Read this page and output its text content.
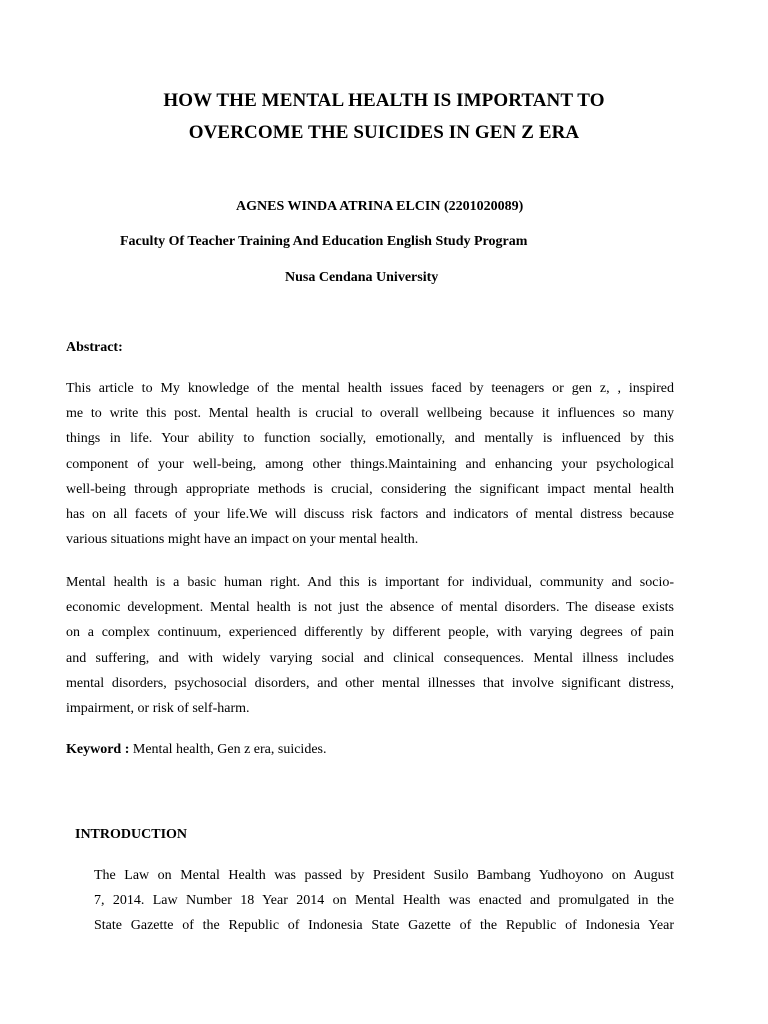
HOW THE MENTAL HEALTH IS IMPORTANT TO
OVERCOME THE SUICIDES IN GEN Z ERA
AGNES WINDA ATRINA ELCIN (2201020089)
Faculty Of Teacher Training And Education English Study Program
Nusa Cendana University
Abstract:
This article to My knowledge of the mental health issues faced by teenagers or gen z, , inspired
me to write this post. Mental health is crucial to overall wellbeing because it influences so many
things in life. Your ability to function socially, emotionally, and mentally is influenced by this
component of your well-being, among other things.Maintaining and enhancing your psychological
well-being through appropriate methods is crucial, considering the significant impact mental health
has on all facets of your life.We will discuss risk factors and indicators of mental distress because
various situations might have an impact on your mental health.
Mental health is a basic human right. And this is important for individual, community and socio-
economic development. Mental health is not just the absence of mental disorders. The disease exists
on a complex continuum, experienced differently by different people, with varying degrees of pain
and suffering, and with widely varying social and clinical consequences. Mental illness includes
mental disorders, psychosocial disorders, and other mental illnesses that involve significant distress,
impairment, or risk of self-harm.
Keyword : Mental health, Gen z era, suicides.
INTRODUCTION
The Law on Mental Health was passed by President Susilo Bambang Yudhoyono on August
7, 2014. Law Number 18 Year 2014 on Mental Health was enacted and promulgated in the
State Gazette of the Republic of Indonesia State Gazette of the Republic of Indonesia Year
